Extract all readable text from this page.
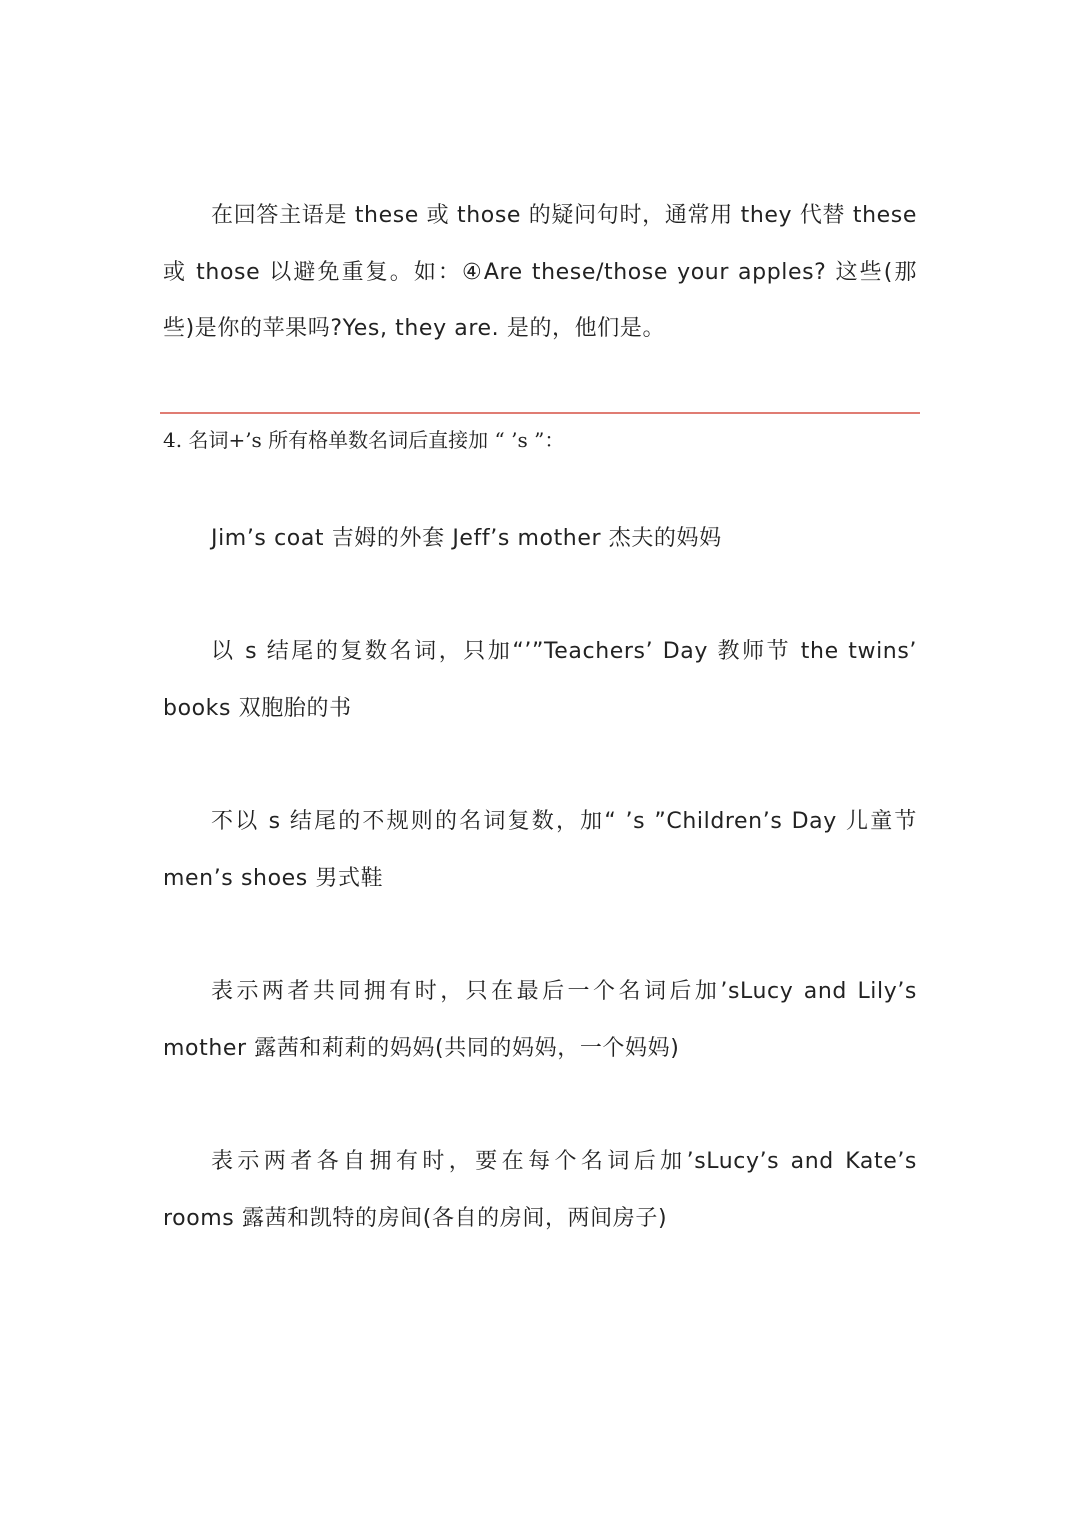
在回答主语是 these 或 those 的疑问句时，通常用 they 代替 these 或 those 以避免重复。如：④Are these/those your apples? 这些(那些)是你的苹果吗?Yes, they are. 是的，他们是。

4. 名词+’s 所有格单数名词后直接加 “ ’s ”：

Jim’s coat 吉姆的外套 Jeff’s mother 杰夫的妈妈

以 s 结尾的复数名词，只加“’”Teachers’ Day 教师节 the twins’ books 双胞胎的书

不以 s 结尾的不规则的名词复数，加“ ’s ”Children’s Day 儿童节 men’s shoes 男式鞋

表示两者共同拥有时，只在最后一个名词后加’sLucy and Lily’s mother 露茜和莉莉的妈妈(共同的妈妈，一个妈妈)

表示两者各自拥有时，要在每个名词后加’sLucy’s and Kate’s rooms 露茜和凯特的房间(各自的房间，两间房子)
